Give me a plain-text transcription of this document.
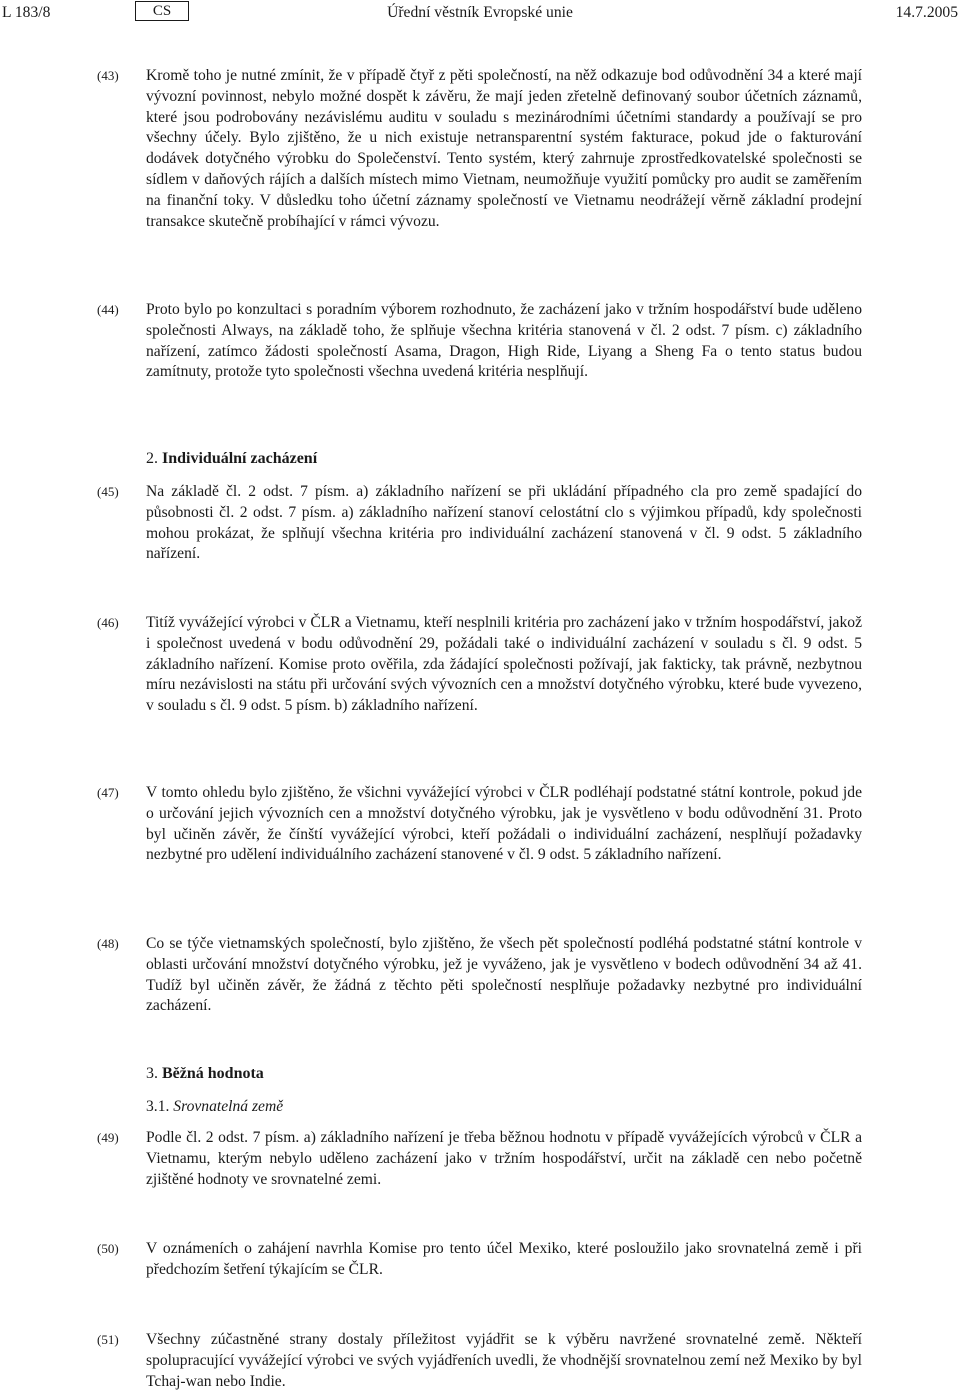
L 183/8	CS	Úřední věstník Evropské unie	14.7.2005
(43) Kromě toho je nutné zmínit, že v případě čtyř z pěti společností, na něž odkazuje bod odůvodnění 34 a které mají vývozní povinnost, nebylo možné dospět k závěru, že mají jeden zřetelně definovaný soubor účetních záznamů, které jsou podrobovány nezávislému auditu v souladu s mezinárodními účetními standardy a používají se pro všechny účely. Bylo zjištěno, že u nich existuje netransparentní systém fakturace, pokud jde o fakturování dodávek dotyčného výrobku do Společenství. Tento systém, který zahrnuje zprostředkovatelské společnosti se sídlem v daňových rájích a dalších místech mimo Vietnam, neumožňuje využití pomůcky pro audit se zaměřením na finanční toky. V důsledku toho účetní záznamy společností ve Vietnamu neodrážejí věrně základní prodejní transakce skutečně probíhající v rámci vývozu.
(44) Proto bylo po konzultaci s poradním výborem rozhodnuto, že zacházení jako v tržním hospodářství bude uděleno společnosti Always, na základě toho, že splňuje všechna kritéria stanovená v čl. 2 odst. 7 písm. c) základního nařízení, zatímco žádosti společností Asama, Dragon, High Ride, Liyang a Sheng Fa o tento status budou zamítnuty, protože tyto společnosti všechna uvedená kritéria nesplňují.
2. Individuální zacházení
(45) Na základě čl. 2 odst. 7 písm. a) základního nařízení se při ukládání případného cla pro země spadající do působnosti čl. 2 odst. 7 písm. a) základního nařízení stanoví celostátní clo s výjimkou případů, kdy společnosti mohou prokázat, že splňují všechna kritéria pro individuální zacházení stanovená v čl. 9 odst. 5 základního nařízení.
(46) Titíž vyvážející výrobci v ČLR a Vietnamu, kteří nesplnili kritéria pro zacházení jako v tržním hospodářství, jakož i společnost uvedená v bodu odůvodnění 29, požádali také o individuální zacházení v souladu s čl. 9 odst. 5 základního nařízení. Komise proto ověřila, zda žádající společnosti požívají, jak fakticky, tak právně, nezbytnou míru nezávislosti na státu při určování svých vývozních cen a množství dotyčného výrobku, které bude vyvezeno, v souladu s čl. 9 odst. 5 písm. b) základního nařízení.
(47) V tomto ohledu bylo zjištěno, že všichni vyvážející výrobci v ČLR podléhají podstatné státní kontrole, pokud jde o určování jejich vývozních cen a množství dotyčného výrobku, jak je vysvětleno v bodu odůvodnění 31. Proto byl učiněn závěr, že čínští vyvážející výrobci, kteří požádali o individuální zacházení, nesplňují požadavky nezbytné pro udělení individuálního zacházení stanovené v čl. 9 odst. 5 základního nařízení.
(48) Co se týče vietnamských společností, bylo zjištěno, že všech pět společností podléhá podstatné státní kontrole v oblasti určování množství dotyčného výrobku, jež je vyváženo, jak je vysvětleno v bodech odůvodnění 34 až 41. Tudíž byl učiněn závěr, že žádná z těchto pěti společností nesplňuje požadavky nezbytné pro individuální zacházení.
3. Běžná hodnota
3.1. Srovnatelná země
(49) Podle čl. 2 odst. 7 písm. a) základního nařízení je třeba běžnou hodnotu v případě vyvážejících výrobců v ČLR a Vietnamu, kterým nebylo uděleno zacházení jako v tržním hospodářství, určit na základě cen nebo početně zjištěné hodnoty ve srovnatelné zemi.
(50) V oznámeních o zahájení navrhla Komise pro tento účel Mexiko, které posloužilo jako srovnatelná země i při předchozím šetření týkajícím se ČLR.
(51) Všechny zúčastněné strany dostaly příležitost vyjádřit se k výběru navržené srovnatelné země. Někteří spolupracující vyvážející výrobci ve svých vyjádřeních uvedli, že vhodnější srovnatelnou zemí než Mexiko by byl Tchaj-wan nebo Indie.
